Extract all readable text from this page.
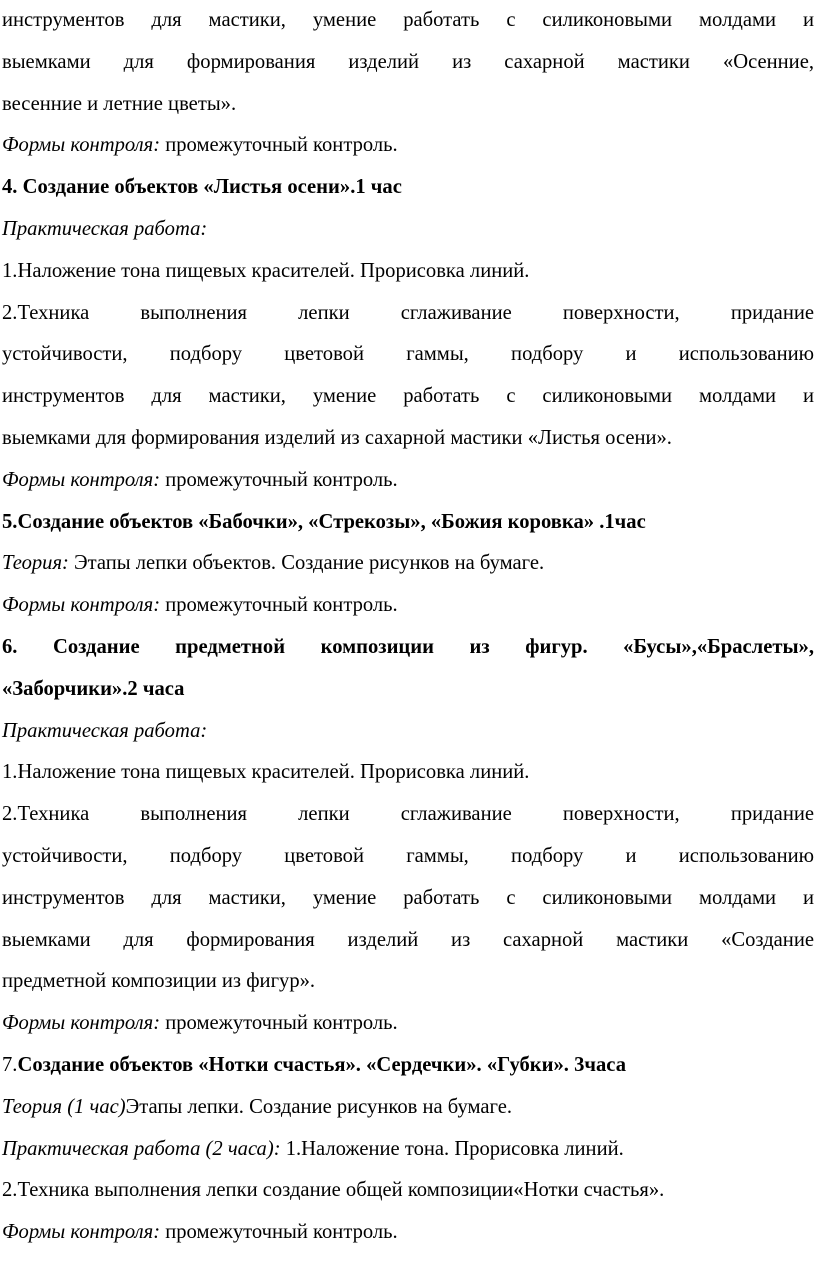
инструментов для мастики, умение работать с силиконовыми молдами и
выемками для формирования изделий из сахарной мастики «Осенние,
весенние и летние цветы».
Формы контроля: промежуточный контроль.
4. Создание объектов «Листья осени».1 час
Практическая работа:
1.Наложение тона пищевых красителей. Прорисовка линий.
2.Техника выполнения лепки сглаживание поверхности, придание
устойчивости, подбору цветовой гаммы, подбору и использованию
инструментов для мастики, умение работать с силиконовыми молдами и
выемками для формирования изделий из сахарной мастики «Листья осени».
Формы контроля: промежуточный контроль.
5.Создание объектов «Бабочки», «Стрекозы», «Божия коровка» .1час
Теория: Этапы лепки объектов. Создание рисунков на бумаге.
Формы контроля: промежуточный контроль.
6. Создание предметной композиции из фигур. «Бусы»,«Браслеты»,
«Заборчики».2 часа
Практическая работа:
1.Наложение тона пищевых красителей. Прорисовка линий.
2.Техника выполнения лепки сглаживание поверхности, придание
устойчивости, подбору цветовой гаммы, подбору и использованию
инструментов для мастики, умение работать с силиконовыми молдами и
выемками для формирования изделий из сахарной мастики «Создание
предметной композиции из фигур».
Формы контроля: промежуточный контроль.
7.Создание объектов «Нотки счастья». «Сердечки». «Губки». 3часа
Теория (1 час)Этапы лепки. Создание рисунков на бумаге.
Практическая работа (2 часа): 1.Наложение тона. Прорисовка линий.
2.Техника выполнения лепки создание общей композиции«Нотки счастья».
Формы контроля: промежуточный контроль.
